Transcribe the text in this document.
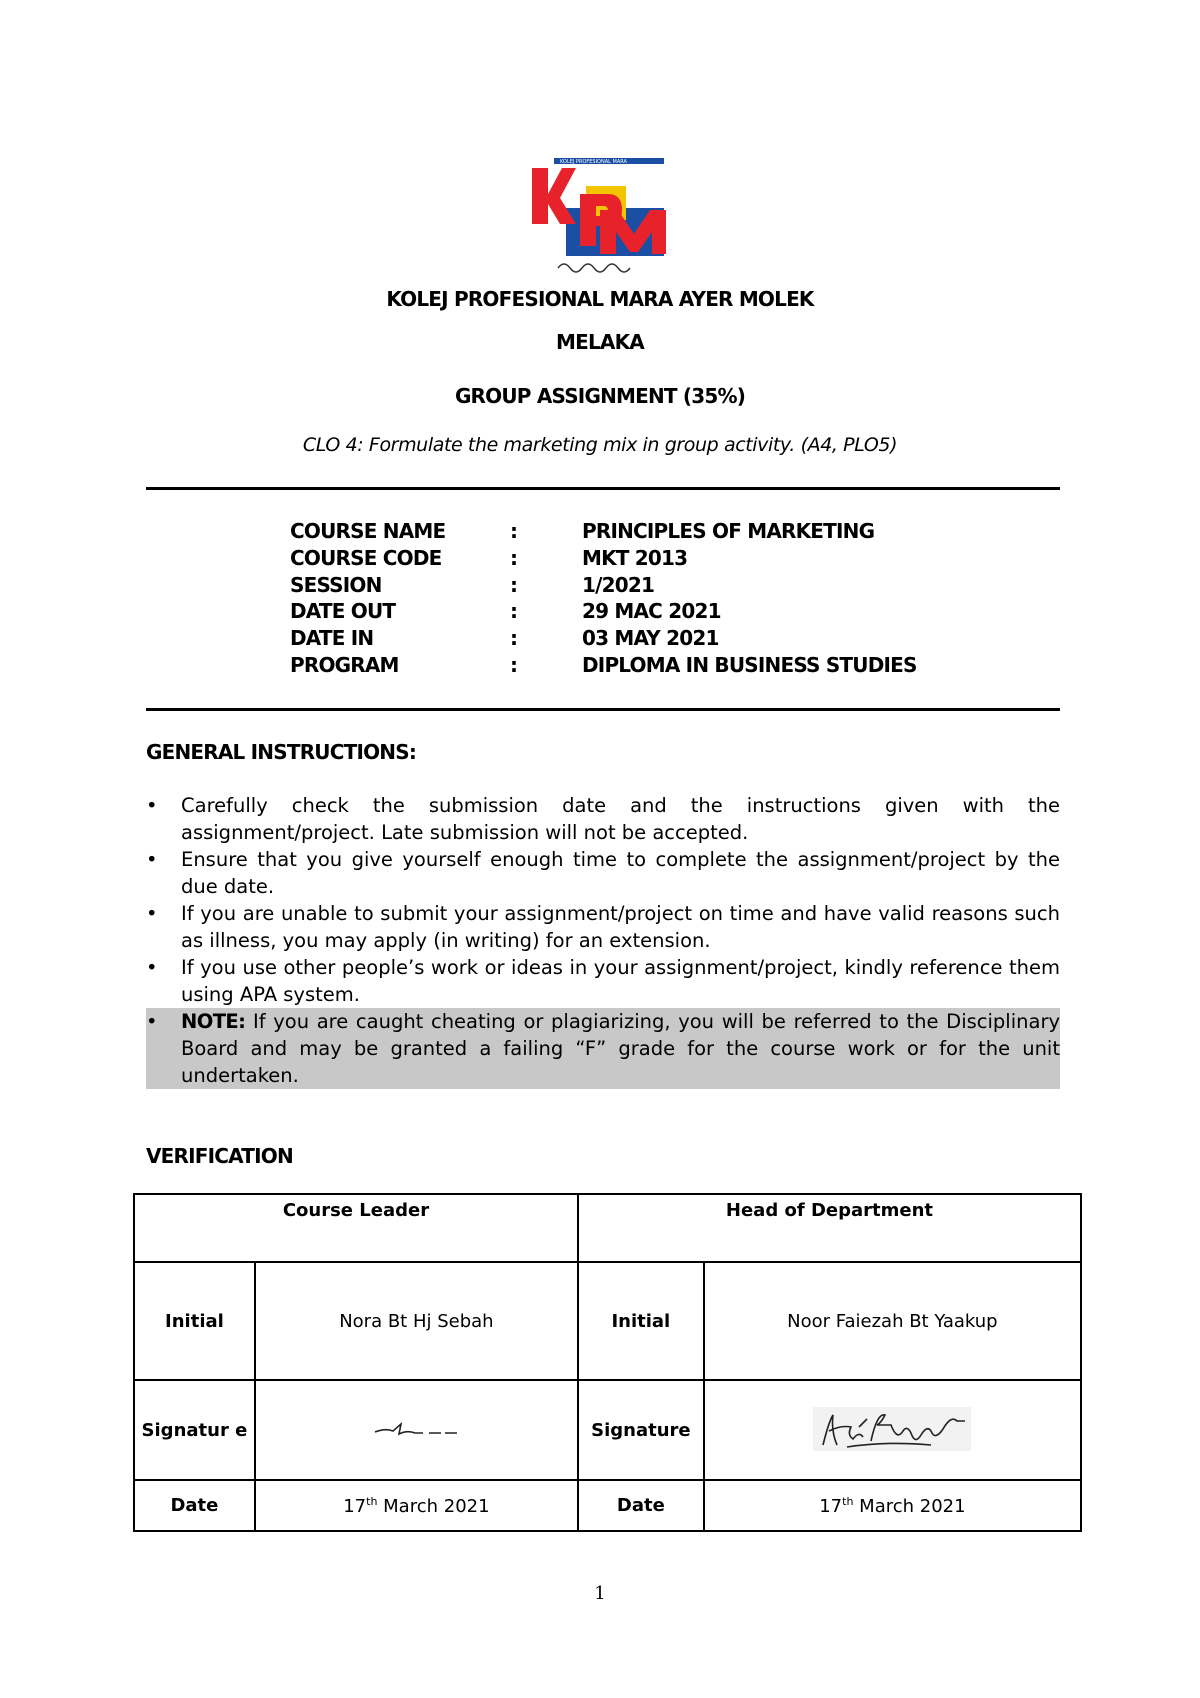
KOLEJ PROFESIONAL MARA
KOLEJ PROFESIONAL MARA AYER MOLEK
MELAKA
GROUP ASSIGNMENT (35%)
CLO 4: Formulate the marketing mix in group activity. (A4, PLO5)
COURSE NAME	:	PRINCIPLES OF MARKETING
COURSE CODE	:	MKT 2013
SESSION	:	1/2021
DATE OUT	:	29 MAC 2021
DATE IN	:	03 MAY 2021
PROGRAM	:	DIPLOMA IN BUSINESS STUDIES
GENERAL INSTRUCTIONS:
• Carefully check the submission date and the instructions given with the assignment/project. Late submission will not be accepted.
• Ensure that you give yourself enough time to complete the assignment/project by the due date.
• If you are unable to submit your assignment/project on time and have valid reasons such as illness, you may apply (in writing) for an extension.
• If you use other people’s work or ideas in your assignment/project, kindly reference them using APA system.
• NOTE: If you are caught cheating or plagiarizing, you will be referred to the Disciplinary Board and may be granted a failing “F” grade for the course work or for the unit undertaken.
VERIFICATION
Course Leader		Head of Department	
Initial	Nora Bt Hj Sebah	Initial	Noor Faiezah Bt Yaakup
Signatur e		Signature	

Date	17th March 2021	Date	17th March 2021
1
